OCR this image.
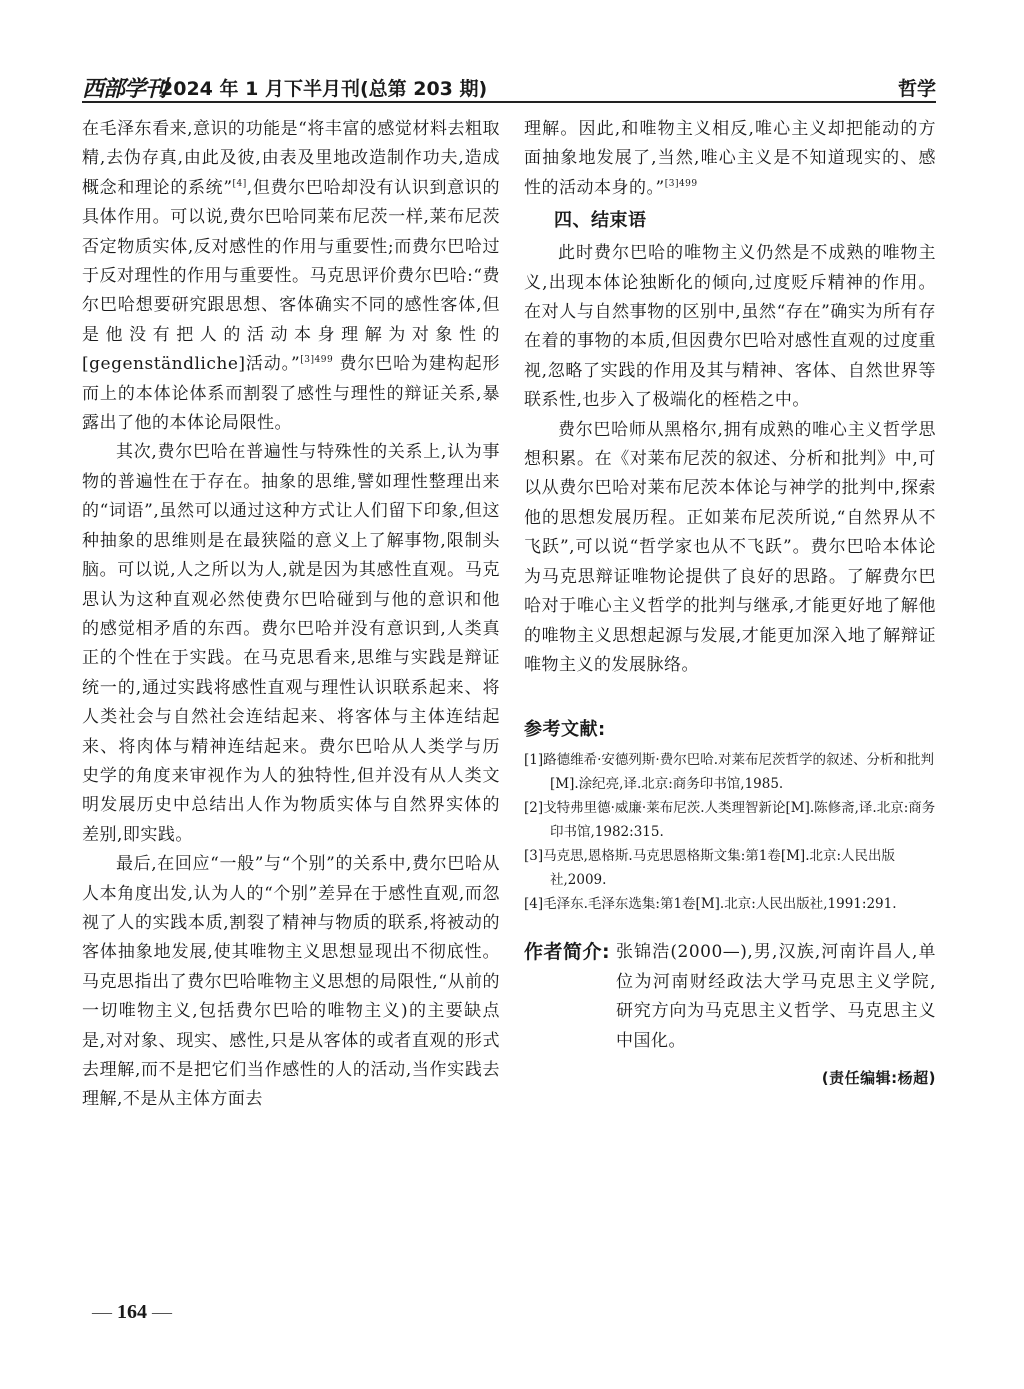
西部学刊
2024 年 1 月下半月刊(总第 203 期)	哲学

在毛泽东看来,意识的功能是“将丰富的感觉材料去粗取精,去伪存真,由此及彼,由表及里地改造制作功夫,造成概念和理论的系统”[4],但费尔巴哈却没有认识到意识的具体作用。可以说,费尔巴哈同莱布尼茨一样,莱布尼茨否定物质实体,反对感性的作用与重要性;而费尔巴哈过于反对理性的作用与重要性。马克思评价费尔巴哈:“费尔巴哈想要研究跟思想、客体确实不同的感性客体,但是他没有把人的活动本身理解为对象性的[gegenständliche]活动。”$^{[3]499}$ 费尔巴哈为建构起形而上的本体论体系而割裂了感性与理性的辩证关系,暴露出了他的本体论局限性。

其次,费尔巴哈在普遍性与特殊性的关系上,认为事物的普遍性在于存在。抽象的思维,譬如理性整理出来的“词语”,虽然可以通过这种方式让人们留下印象,但这种抽象的思维则是在最狭隘的意义上了解事物,限制头脑。可以说,人之所以为人,就是因为其感性直观。马克思认为这种直观必然使费尔巴哈碰到与他的意识和他的感觉相矛盾的东西。费尔巴哈并没有意识到,人类真正的个性在于实践。在马克思看来,思维与实践是辩证统一的,通过实践将感性直观与理性认识联系起来、将人类社会与自然社会连结起来、将客体与主体连结起来、将肉体与精神连结起来。费尔巴哈从人类学与历史学的角度来审视作为人的独特性,但并没有从人类文明发展历史中总结出人作为物质实体与自然界实体的差别,即实践。

最后,在回应“一般”与“个别”的关系中,费尔巴哈从人本角度出发,认为人的“个别”差异在于感性直观,而忽视了人的实践本质,割裂了精神与物质的联系,将被动的客体抽象地发展,使其唯物主义思想显现出不彻底性。马克思指出了费尔巴哈唯物主义思想的局限性,“从前的一切唯物主义,包括费尔巴哈的唯物主义)的主要缺点是,对对象、现实、感性,只是从客体的或者直观的形式去理解,而不是把它们当作感性的人的活动,当作实践去理解,不是从主体方面去

理解。因此,和唯物主义相反,唯心主义却把能动的方面抽象地发展了,当然,唯心主义是不知道现实的、感性的活动本身的。”$^{[3]499}$

四、结束语

此时费尔巴哈的唯物主义仍然是不成熟的唯物主义,出现本体论独断化的倾向,过度贬斥精神的作用。在对人与自然事物的区别中,虽然“存在”确实为所有存在着的事物的本质,但因费尔巴哈对感性直观的过度重视,忽略了实践的作用及其与精神、客体、自然世界等联系性,也步入了极端化的桎梏之中。

费尔巴哈师从黑格尔,拥有成熟的唯心主义哲学思想积累。在《对莱布尼茨的叙述、分析和批判》中,可以从费尔巴哈对莱布尼茨本体论与神学的批判中,探索他的思想发展历程。正如莱布尼茨所说,“自然界从不飞跃”,可以说“哲学家也从不飞跃”。费尔巴哈本体论为马克思辩证唯物论提供了良好的思路。了解费尔巴哈对于唯心主义哲学的批判与继承,才能更好地了解他的唯物主义思想起源与发展,才能更加深入地了解辩证唯物主义的发展脉络。

参考文献:
[1]路德维希·安德列斯·费尔巴哈.对莱布尼茨哲学的叙述、分析和批判[M].涂纪亮,译.北京:商务印书馆,1985.
[2]戈特弗里德·威廉·莱布尼茨.人类理智新论[M].陈修斋,译.北京:商务印书馆,1982:315.
[3]马克思,恩格斯.马克思恩格斯文集:第1卷[M].北京:人民出版社,2009.
[4]毛泽东.毛泽东选集:第1卷[M].北京:人民出版社,1991:291.
作者简介: 张锦浩(2000—),男,汉族,河南许昌人,单位为河南财经政法大学马克思主义学院,研究方向为马克思主义哲学、马克思主义中国化。
(责任编辑:杨超)
— 164 —
